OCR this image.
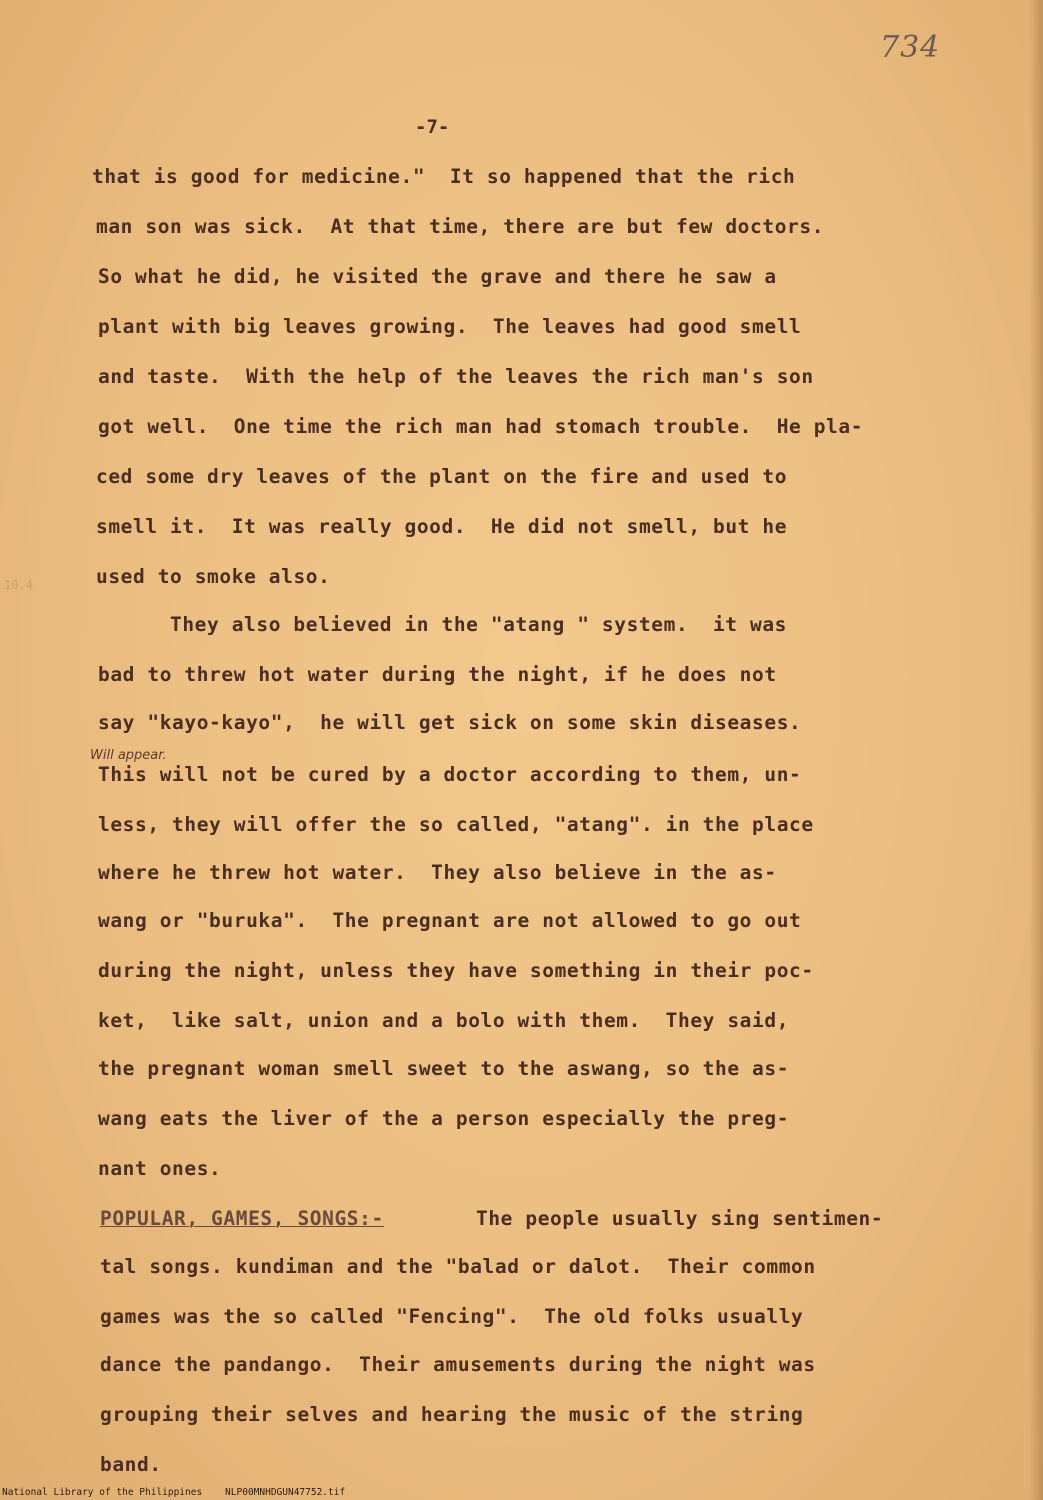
734
10.4
-7-
that is good for medicine."  It so happened that the rich
man son was sick.  At that time, there are but few doctors.
So what he did, he visited the grave and there he saw a
plant with big leaves growing.  The leaves had good smell
and taste.  With the help of the leaves the rich man's son
got well.  One time the rich man had stomach trouble.  He pla-
ced some dry leaves of the plant on the fire and used to
smell it.  It was really good.  He did not smell, but he
used to smoke also.
They also believed in the "atang " system.  it was
bad to threw hot water during the night, if he does not
say "kayo-kayo",  he will get sick on some skin diseases.
Will appear.
This will not be cured by a doctor according to them, un-
less, they will offer the so called, "atang". in the place
where he threw hot water.  They also believe in the as-
wang or "buruka".  The pregnant are not allowed to go out
during the night, unless they have something in their poc-
ket,  like salt, union and a bolo with them.  They said,
the pregnant woman smell sweet to the aswang, so the as-
wang eats the liver of the a person especially the preg-
nant ones.
POPULAR, GAMES, SONGS:-	The people usually sing sentimen-
tal songs. kundiman and the "balad or dalot.  Their common
games was the so called "Fencing".  The old folks usually
dance the pandango.  Their amusements during the night was
grouping their selves and hearing the music of the string
band.
National Library of the Philippines    NLP00MNHDGUN47752.tif
